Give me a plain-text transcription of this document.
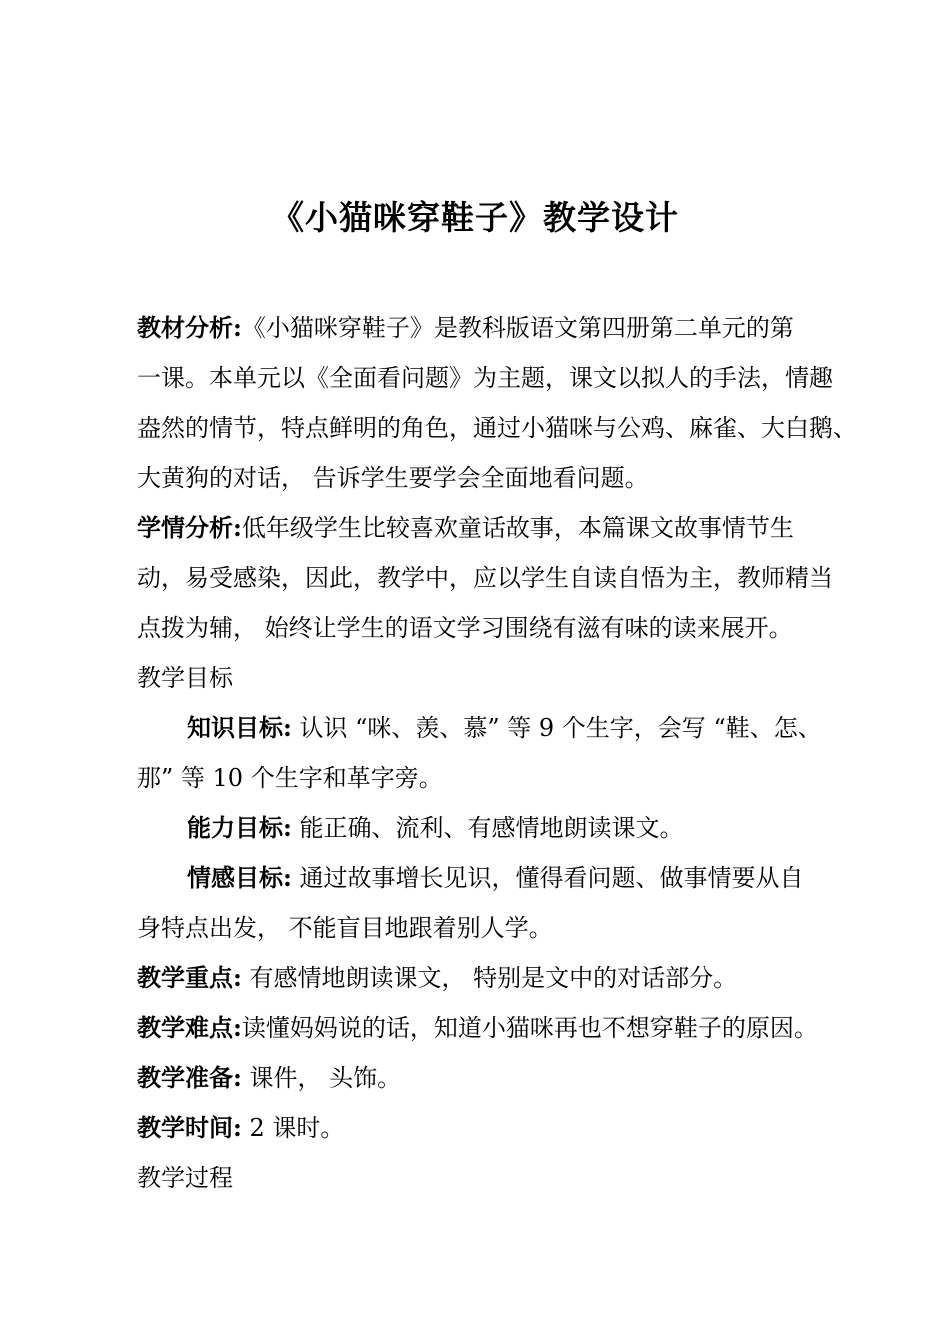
《小猫咪穿鞋子》教学设计
教材分析:《小猫咪穿鞋子》是教科版语文第四册第二单元的第
一课。本单元以《全面看问题》为主题，课文以拟人的手法，情趣
盎然的情节，特点鲜明的角色，通过小猫咪与公鸡、麻雀、大白鹅、
大黄狗的对话， 告诉学生要学会全面地看问题。
学情分析:低年级学生比较喜欢童话故事，本篇课文故事情节生
动，易受感染，因此，教学中，应以学生自读自悟为主，教师精当
点拨为辅， 始终让学生的语文学习围绕有滋有味的读来展开。
教学目标
知识目标: 认识 “咪、羡、慕” 等 9 个生字，会写 “鞋、怎、
那” 等 10 个生字和革字旁。
能力目标: 能正确、流利、有感情地朗读课文。
情感目标: 通过故事增长见识，懂得看问题、做事情要从自
身特点出发， 不能盲目地跟着别人学。
教学重点: 有感情地朗读课文， 特别是文中的对话部分。
教学难点:读懂妈妈说的话，知道小猫咪再也不想穿鞋子的原因。
教学准备: 课件， 头饰。
教学时间: 2 课时。
教学过程
